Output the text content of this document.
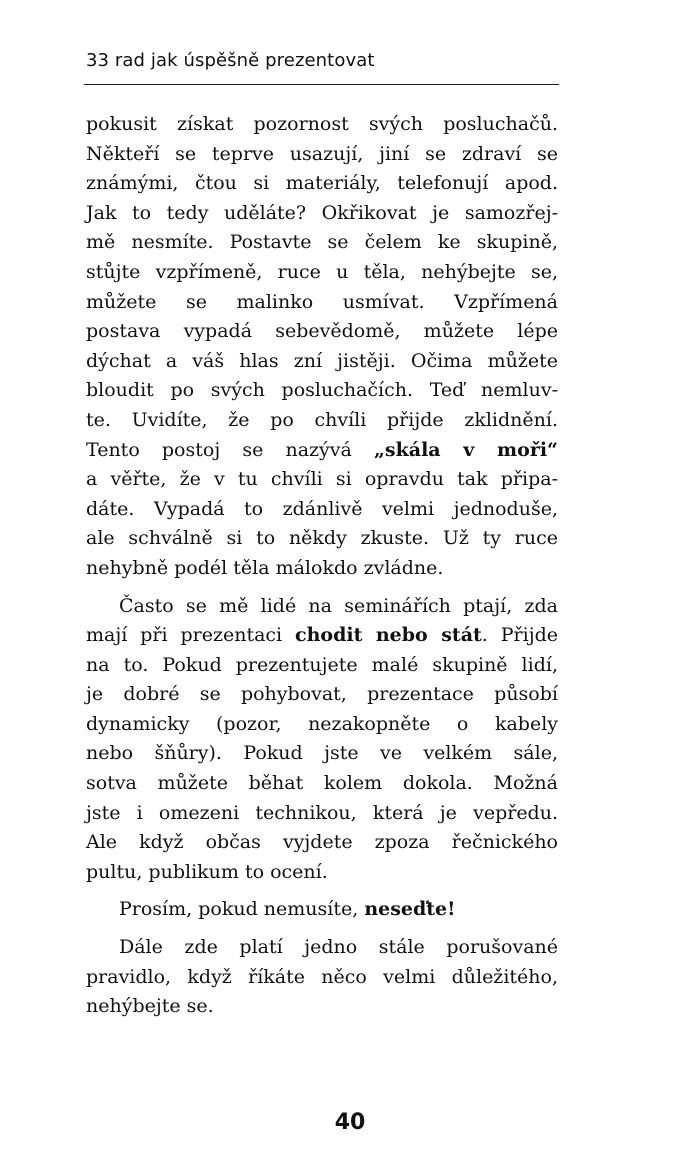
33 rad jak úspěšně prezentovat
pokusit získat pozornost svých posluchačů.
Někteří se teprve usazují, jiní se zdraví se
známými, čtou si materiály, telefonují apod.
Jak to tedy uděláte? Okřikovat je samozřej-
mě nesmíte. Postavte se čelem ke skupině,
stůjte vzpřímeně, ruce u těla, nehýbejte se,
můžete se malinko usmívat. Vzpřímená
postava vypadá sebevědomě, můžete lépe
dýchat a váš hlas zní jistěji. Očima můžete
bloudit po svých posluchačích. Teď nemluv-
te. Uvidíte, že po chvíli přijde zklidnění.
Tento postoj se nazývá „skála v moři“
a věřte, že v tu chvíli si opravdu tak připa-
dáte. Vypadá to zdánlivě velmi jednoduše,
ale schválně si to někdy zkuste. Už ty ruce
nehybně podél těla málokdo zvládne.
Často se mě lidé na seminářích ptají, zda
mají při prezentaci chodit nebo stát. Přijde
na to. Pokud prezentujete malé skupině lidí,
je dobré se pohybovat, prezentace působí
dynamicky (pozor, nezakopněte o kabely
nebo šňůry). Pokud jste ve velkém sále,
sotva můžete běhat kolem dokola. Možná
jste i omezeni technikou, která je vepředu.
Ale když občas vyjdete zpoza řečnického
pultu, publikum to ocení.
Prosím, pokud nemusíte, neseďte!
Dále zde platí jedno stále porušované
pravidlo, když říkáte něco velmi důležitého,
nehýbejte se.
40
